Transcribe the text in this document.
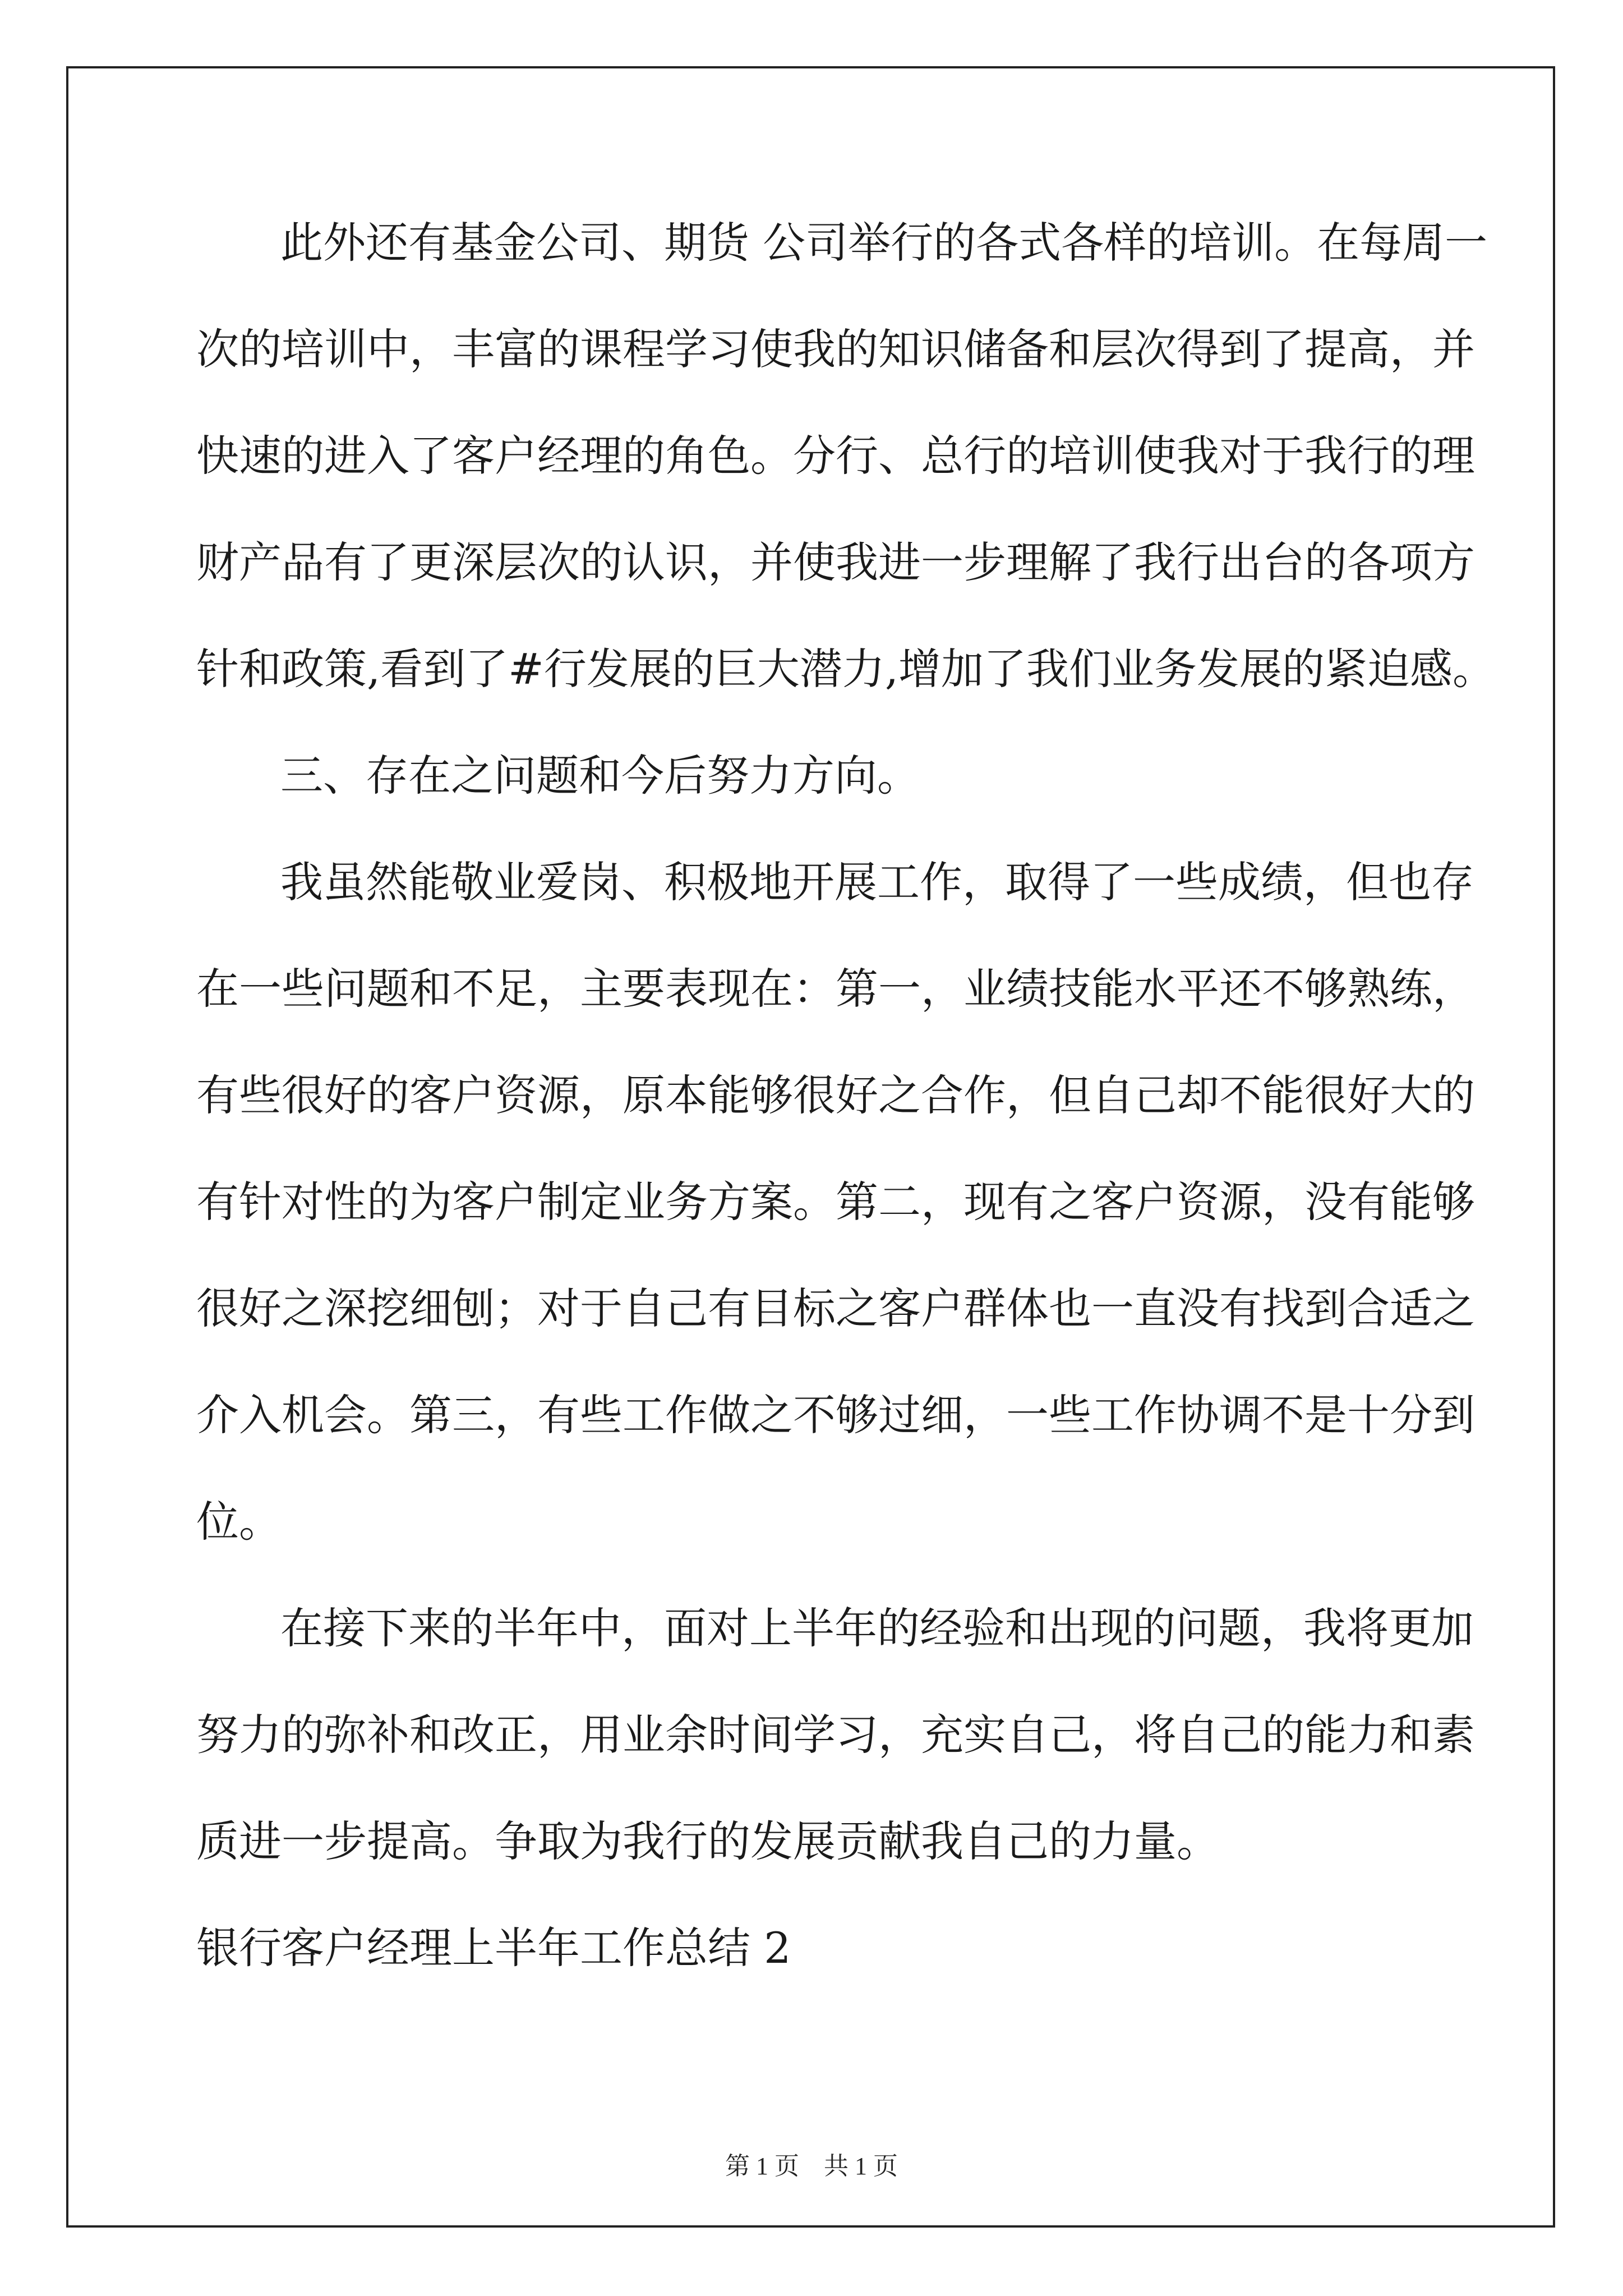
此外还有基金公司、期货 公司举行的各式各样的培训。在每周一
次的培训中，丰富的课程学习使我的知识储备和层次得到了提高，并
快速的进入了客户经理的角色。分行、总行的培训使我对于我行的理
财产品有了更深层次的认识，并使我进一步理解了我行出台的各项方
针和政策,看到了#行发展的巨大潜力,增加了我们业务发展的紧迫感。
三、存在之问题和今后努力方向。
我虽然能敬业爱岗、积极地开展工作，取得了一些成绩，但也存
在一些问题和不足，主要表现在：第一，业绩技能水平还不够熟练，
有些很好的客户资源，原本能够很好之合作，但自己却不能很好大的
有针对性的为客户制定业务方案。第二，现有之客户资源，没有能够
很好之深挖细刨；对于自己有目标之客户群体也一直没有找到合适之
介入机会。第三，有些工作做之不够过细，一些工作协调不是十分到
位。
在接下来的半年中，面对上半年的经验和出现的问题，我将更加
努力的弥补和改正，用业余时间学习，充实自己，将自己的能力和素
质进一步提高。争取为我行的发展贡献我自己的力量。
银行客户经理上半年工作总结 2
第 1 页　共 1 页
